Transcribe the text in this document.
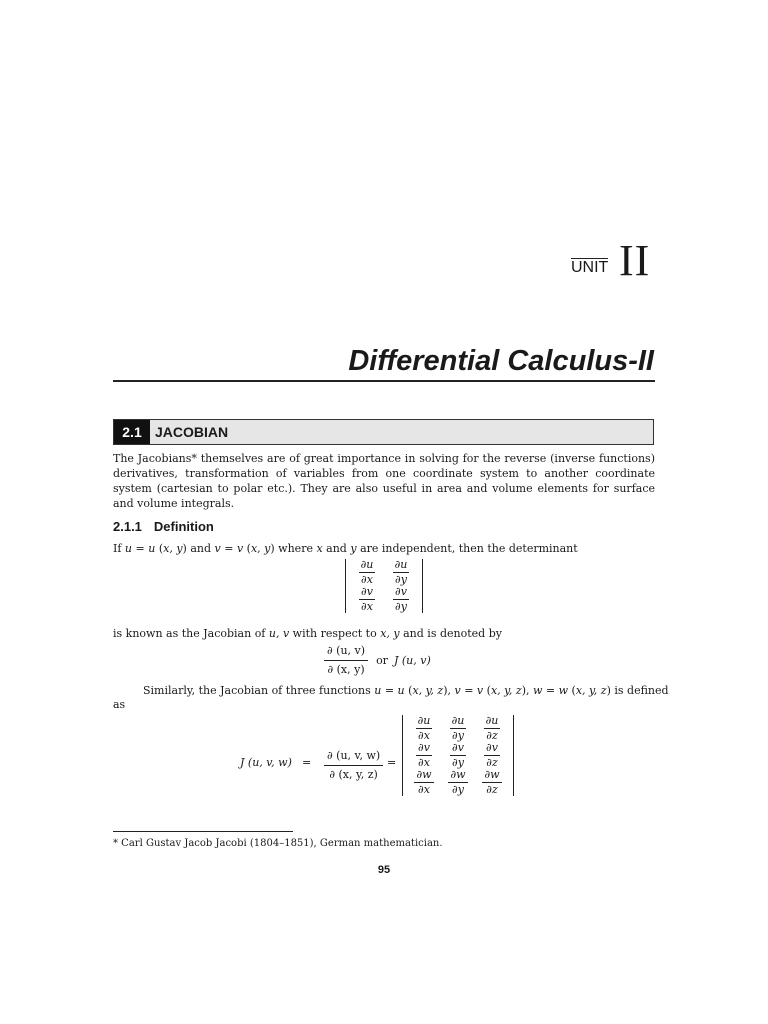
UNIT II
Differential Calculus-II
2.1 JACOBIAN

The Jacobians* themselves are of great importance in solving for the reverse (inverse functions) derivatives, transformation of variables from one coordinate system to another coordinate system (cartesian to polar etc.). They are also useful in area and volume elements for surface and volume integrals.

2.1.1 Definition
If u = u (x, y) and v = v (x, y) where x and y are independent, then the determinant
$\frac{\partial u}{\partial x} \frac{\partial u}{\partial y}$
$\frac{\partial v}{\partial x} \frac{\partial v}{\partial y}$
is known as the Jacobian of u, v with respect to x, y and is denoted by
$\frac{\partial (u, v)}{\partial (x, y)}$ or J
(u, v)
Similarly, the Jacobian of three functions u = u (x, y, z), v = v (x, y, z), w = w (x, y, z) is defined
as
J (u, v, $w) = \frac{\partial (u, v, w)}{\partial (x, y, z)}$ =
$\frac{\partial u}{\partial x} \frac{\partial u}{\partial y} \frac{\partial u}{\partial z}$
$\frac{\partial v}{\partial x} \frac{\partial v}{\partial y} \frac{\partial v}{\partial z}$
$\frac{\partial w}{\partial x} \frac{\partial w}{\partial y} \frac{\partial w}{\partial z}$
* Carl Gustav Jacob Jacobi (1804–1851), German mathematician.
95
